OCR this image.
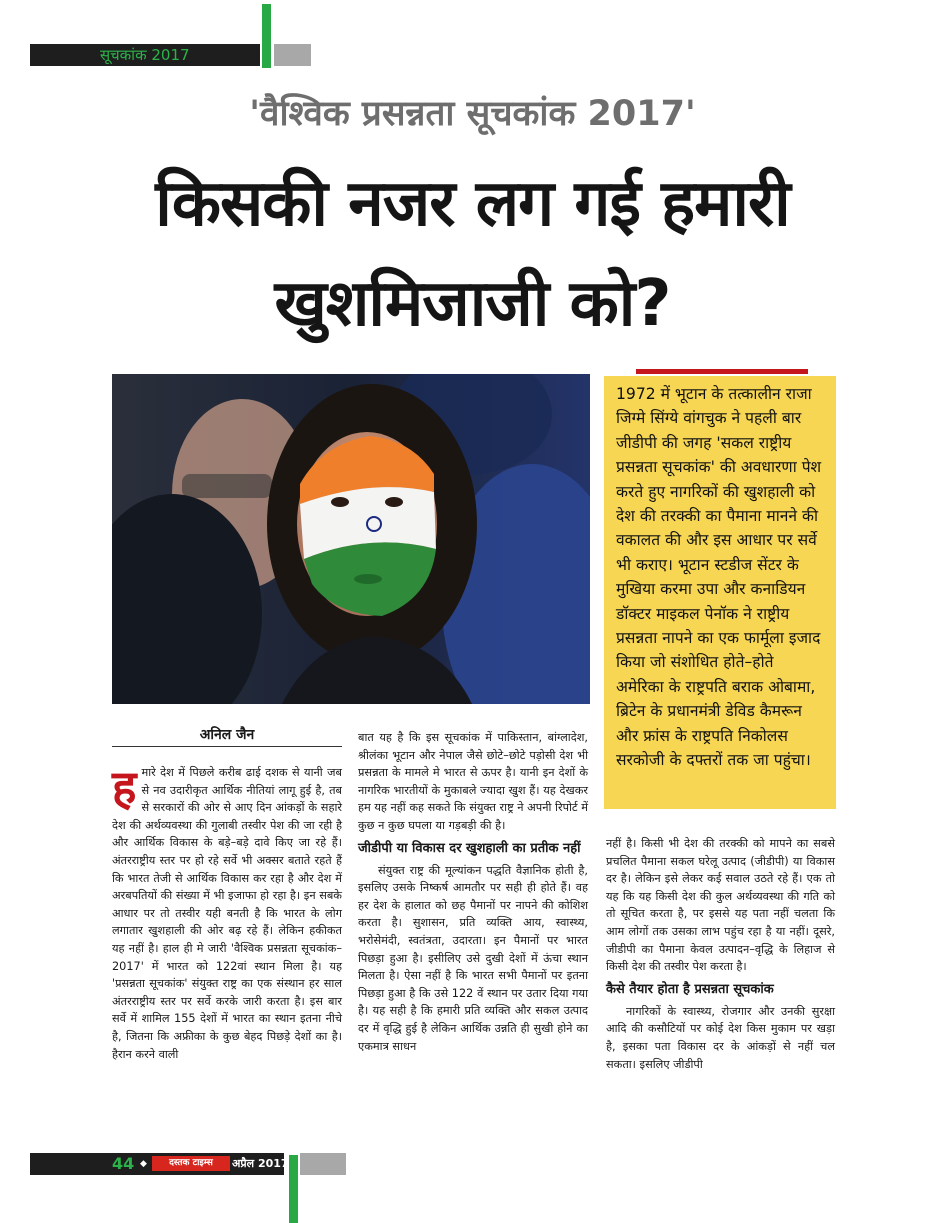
सूचकांक 2017
'वैश्विक प्रसन्नता सूचकांक 2017'
किसकी नजर लग गई हमारी
खुशमिजाजी को?
1972 में भूटान के तत्कालीन राजा जिग्मे सिंग्ये वांगचुक ने पहली बार जीडीपी की जगह 'सकल राष्ट्रीय प्रसन्नता सूचकांक' की अवधारणा पेश करते हुए नागरिकों की खुशहाली को देश की तरक्की का पैमाना मानने की वकालत की और इस आधार पर सर्वे भी कराए। भूटान स्टडीज सेंटर के मुखिया करमा उपा और कनाडियन डॉक्टर माइकल पेनॉक ने राष्ट्रीय प्रसन्नता नापने का एक फार्मूला इजाद किया जो संशोधित होते–होते अमेरिका के राष्ट्रपति बराक ओबामा, ब्रिटेन के प्रधानमंत्री डेविड कैमरून और फ्रांस के राष्ट्रपति निकोलस सरकोजी के दफ्तरों तक जा पहुंचा।
अनिल जैन
ह मारे देश में पिछले करीब ढाई दशक से यानी जब से नव उदारीकृत आर्थिक नीतियां लागू हुई है, तब से सरकारों की ओर से आए दिन आंकड़ों के सहारे देश की अर्थव्यवस्था की गुलाबी तस्वीर पेश की जा रही है और आर्थिक विकास के बड़े–बड़े दावे किए जा रहे हैं। अंतरराष्ट्रीय स्तर पर हो रहे सर्वे भी अक्सर बताते रहते हैं कि भारत तेजी से आर्थिक विकास कर रहा है और देश में अरबपतियों की संख्या में भी इजाफा हो रहा है। इन सबके आधार पर तो तस्वीर यही बनती है कि भारत के लोग लगातार खुशहाली की ओर बढ़ रहे हैं। लेकिन हकीकत यह नहीं है। हाल ही मे जारी 'वैश्विक प्रसन्नता सूचकांक–2017' में भारत को 122वां स्थान मिला है। यह 'प्रसन्नता सूचकांक' संयुक्त राष्ट्र का एक संस्थान हर साल अंतरराष्ट्रीय स्तर पर सर्वे करके जारी करता है। इस बार सर्वे में शामिल 155 देशों में भारत का स्थान इतना नीचे है, जितना कि अफ्रीका के कुछ बेहद पिछड़े देशों का है। हैरान करने वाली

बात यह है कि इस सूचकांक में पाकिस्तान, बांग्लादेश, श्रीलंका भूटान और नेपाल जैसे छोटे–छोटे पड़ोसी देश भी प्रसन्नता के मामले मे भारत से ऊपर है। यानी इन देशों के नागरिक भारतीयों के मुकाबले ज्यादा खुश हैं। यह देखकर हम यह नहीं कह सकते कि संयुक्त राष्ट्र ने अपनी रिपोर्ट में कुछ न कुछ घपला या गड़बड़ी की है।

जीडीपी या विकास दर खुशहाली का प्रतीक नहीं

संयुक्त राष्ट्र की मूल्यांकन पद्धति वैज्ञानिक होती है, इसलिए उसके निष्कर्ष आमतौर पर सही ही होते हैं। वह हर देश के हालात को छह पैमानों पर नापने की कोशिश करता है। सुशासन, प्रति व्यक्ति आय, स्वास्थ्य, भरोसेमंदी, स्वतंत्रता, उदारता। इन पैमानों पर भारत पिछड़ा हुआ है। इसीलिए उसे दुखी देशों में ऊंचा स्थान मिलता है। ऐसा नहीं है कि भारत सभी पैमानों पर इतना पिछड़ा हुआ है कि उसे 122 वें स्थान पर उतार दिया गया है। यह सही है कि हमारी प्रति व्यक्ति और सकल उत्पाद दर में वृद्धि हुई है लेकिन आर्थिक उन्नति ही सुखी होने का एकमात्र साधन

नहीं है। किसी भी देश की तरक्की को मापने का सबसे प्रचलित पैमाना सकल घरेलू उत्पाद (जीडीपी) या विकास दर है। लेकिन इसे लेकर कई सवाल उठते रहे हैं। एक तो यह कि यह किसी देश की कुल अर्थव्यवस्था की गति को तो सूचित करता है, पर इससे यह पता नहीं चलता कि आम लोगों तक उसका लाभ पहुंच रहा है या नहीं। दूसरे, जीडीपी का पैमाना केवल उत्पादन–वृद्धि के लिहाज से किसी देश की तस्वीर पेश करता है।

कैसे तैयार होता है प्रसन्नता सूचकांक

नागरिकों के स्वास्थ्य, रोजगार और उनकी सुरक्षा आदि की कसौटियों पर कोई देश किस मुकाम पर खड़ा है, इसका पता विकास दर के आंकड़ों से नहीं चल सकता। इसलिए जीडीपी

44 ◆	दस्तक टाइम्स	अप्रैल 2017
